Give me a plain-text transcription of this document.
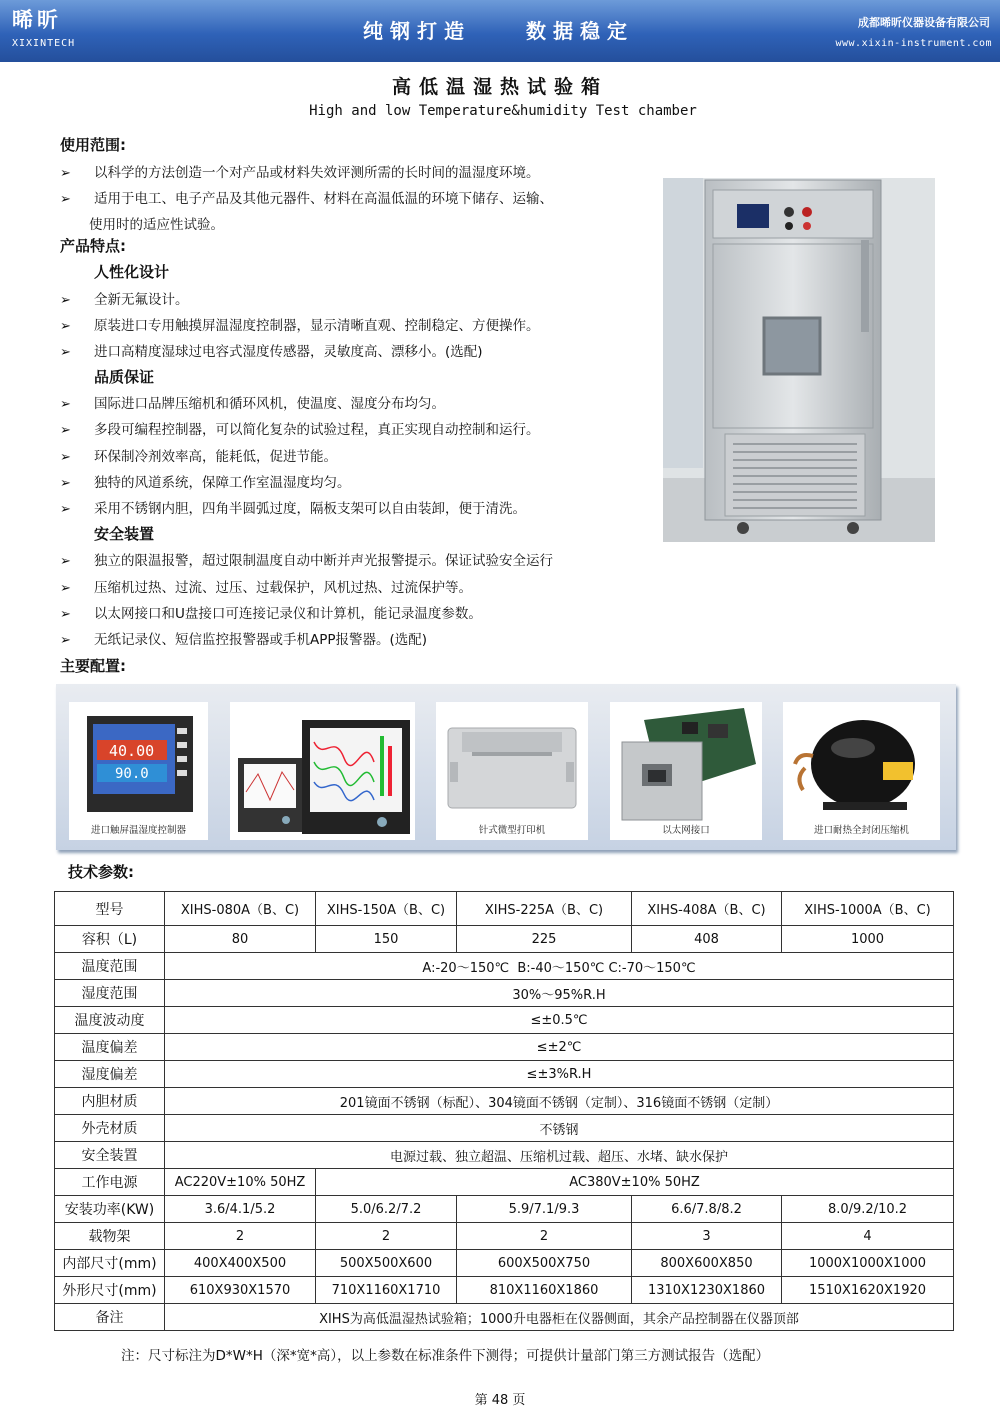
晞昕
XIXINTECH
纯钢打造	数据稳定	成都晞昕仪器设备有限公司
www.xixin-instrument.com
高低温湿热试验箱
High and low Temperature&humidity Test chamber
使用范围:
➢ 以科学的方法创造一个对产品或材料失效评测所需的长时间的温湿度环境。
➢ 适用于电工、电子产品及其他元器件、材料在高温低温的环境下储存、运输、
使用时的适应性试验。
产品特点:
人性化设计
➢ 全新无氟设计。
➢ 原装进口专用触摸屏温湿度控制器，显示清晰直观、控制稳定、方便操作。
➢ 进口高精度湿球过电容式湿度传感器，灵敏度高、漂移小。(选配)
品质保证
➢ 国际进口品牌压缩机和循环风机，使温度、湿度分布均匀。
➢ 多段可编程控制器，可以简化复杂的试验过程，真正实现自动控制和运行。
➢ 环保制冷剂效率高，能耗低，促进节能。
➢ 独特的风道系统，保障工作室温湿度均匀。
➢ 采用不锈钢内胆，四角半圆弧过度，隔板支架可以自由装卸，便于清洗。
安全装置
➢ 独立的限温报警，超过限制温度自动中断并声光报警提示。保证试验安全运行
➢ 压缩机过热、过流、过压、过载保护，风机过热、过流保护等。
➢ 以太网接口和U盘接口可连接记录仪和计算机，能记录温度参数。
➢ 无纸记录仪、短信监控报警器或手机APP报警器。(选配)
主要配置:
40.00
90.0
进口触屏温湿度控制器	针式微型打印机	以太网接口	进口耐热全封闭压缩机
技术参数:
型号	XIHS-080A（B、C)	XIHS-150A（B、C)	XIHS-225A（B、C)	XIHS-408A（B、C)	XIHS-1000A（B、C)
容积（L)	80	150	225	408	1000
温度范围	A:-20～150℃  B:-40～150℃ C:-70～150℃				
湿度范围	30%～95%R.H				
温度波动度	≤±0.5℃				
温度偏差	≤±2℃				
湿度偏差	≤±3%R.H				
内胆材质	201镜面不锈钢（标配）、304镜面不锈钢（定制）、316镜面不锈钢（定制）				
外壳材质	不锈钢				
安全装置	电源过载、独立超温、压缩机过载、超压、水堵、缺水保护				
工作电源	AC220V±10% 50HZ	AC380V±10% 50HZ			
安装功率(KW)	3.6/4.1/5.2	5.0/6.2/7.2	5.9/7.1/9.3	6.6/7.8/8.2	8.0/9.2/10.2
载物架	2	2	2	3	4
内部尺寸(mm)	400X400X500	500X500X600	600X500X750	800X600X850	1000X1000X1000
外形尺寸(mm)	610X930X1570	710X1160X1710	810X1160X1860	1310X1230X1860	1510X1620X1920
备注	XIHS为高低温湿热试验箱；1000升电器柜在仪器侧面，其余产品控制器在仪器顶部				
注：尺寸标注为D*W*H（深*宽*高），以上参数在标准条件下测得；可提供计量部门第三方测试报告（选配）
第 48 页
